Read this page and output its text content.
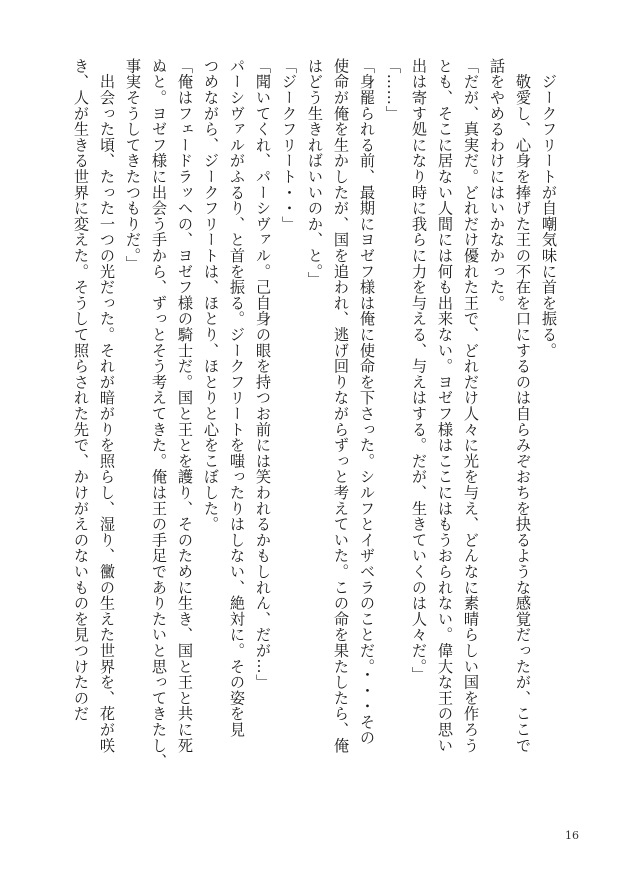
　ジークフリートが自嘲気味に首を振る。
　敬愛し、心身を捧げた王の不在を口にするのは自らみぞおちを抉るような感覚だったが、ここで
話をやめるわけにはいかなかった。
「だが、真実だ。どれだけ優れた王で、どれだけ人々に光を与え、どんなに素晴らしい国を作ろう
とも、そこに居ない人間には何も出来ない。ヨゼフ様はここにはもうおられない。偉大な王の思い
出は寄す処になり時に我らに力を与える、与えはする。だが、生きていくのは人々だ。」
「……」
「身罷られる前、最期にヨゼフ様は俺に使命を下さった。シルフとイザベラのことだ。・・・その
使命が俺を生かしたが、国を追われ、逃げ回りながらずっと考えていた。この命を果たしたら、俺
はどう生きればいいのか、と。」
「ジークフリート・・」
「聞いてくれ、パーシヴァル。己自身の眼を持つお前には笑われるかもしれん、だが…」
パーシヴァルがふるり、と首を振る。ジークフリートを嗤ったりはしない、絶対に。その姿を見
つめながら、ジークフリートは、ほとり、ほとりと心をこぼした。
「俺はフェードラッヘの、ヨゼフ様の騎士だ。国と王とを護り、そのために生き、国と王と共に死
ぬと。ヨゼフ様に出会う手から、ずっとそう考えてきた。俺は王の手足でありたいと思ってきたし、
事実そうしてきたつもりだ。」
　出会った頃、たった一つの光だった。それが暗がりを照らし、湿り、黴の生えた世界を、花が咲
き、人が生きる世界に変えた。そうして照らされた先で、かけがえのないものを見つけたのだ
16
